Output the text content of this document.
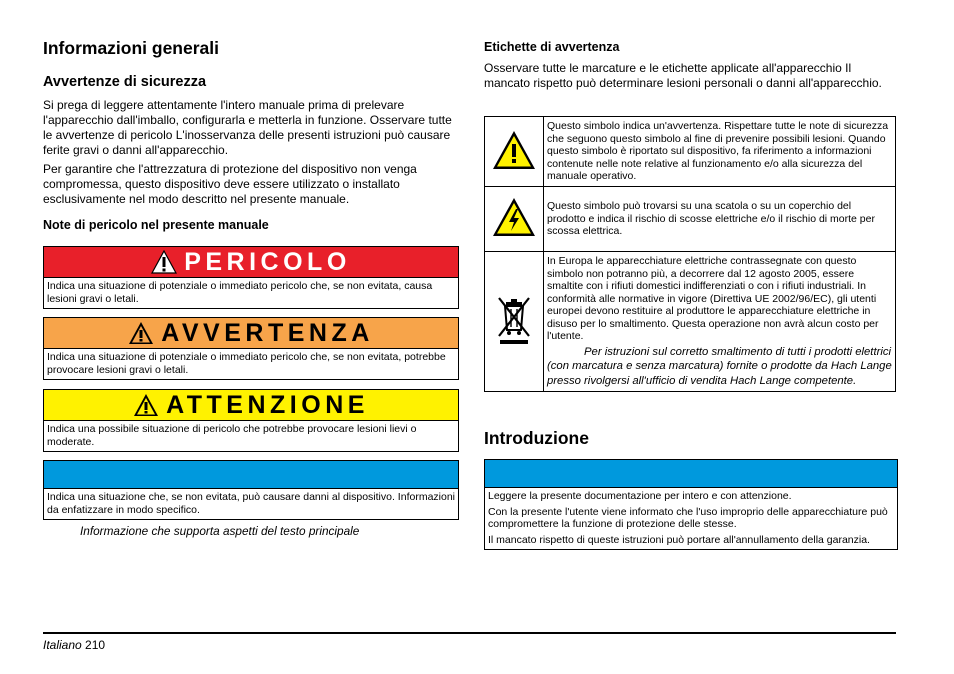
Informazioni generali
Avvertenze di sicurezza

Si prega di leggere attentamente l'intero manuale prima di prelevare l'apparecchio dall'imballo, configurarla e metterla in funzione. Osservare tutte le avvertenze di pericolo L'inosservanza delle presenti istruzioni può causare ferite gravi o danni all'apparecchio.

Per garantire che l'attrezzatura di protezione del dispositivo non venga compromessa, questo dispositivo deve essere utilizzato o installato esclusivamente nel modo descritto nel presente manuale.

Note di pericolo nel presente manuale
PERICOLO
Indica una situazione di potenziale o immediato pericolo che, se non evitata, causa lesioni gravi o letali.
AVVERTENZA
Indica una situazione di potenziale o immediato pericolo che, se non evitata, potrebbe provocare lesioni gravi o letali.
ATTENZIONE
Indica una possibile situazione di pericolo che potrebbe provocare lesioni lievi o moderate.
Indica una situazione che, se non evitata, può causare danni al dispositivo. Informazioni da enfatizzare in modo specifico.

Informazione che supporta aspetti del testo principale

Etichette di avvertenza

Osservare tutte le marcature e le etichette applicate all'apparecchio Il mancato rispetto può determinare lesioni personali o danni all'apparecchio.

	Questo simbolo indica un'avvertenza. Rispettare tutte le note di sicurezza che seguono questo simbolo al fine di prevenire possibili lesioni. Quando questo simbolo è riportato sul dispositivo, fa riferimento a informazioni contenute nelle note relative al funzionamento e/o alla sicurezza del manuale operativo.
	Questo simbolo può trovarsi su una scatola o su un coperchio del prodotto e indica il rischio di scosse elettriche e/o il rischio di morte per scossa elettrica.

In Europa le apparecchiature elettriche contrassegnate con questo simbolo non potranno più, a decorrere dal 12 agosto 2005, essere smaltite con i rifiuti domestici indifferenziati o con i rifiuti industriali. In conformità alle normative in vigore (Direttiva UE 2002/96/EC), gli utenti europei devono restituire al produttore le apparecchiature elettriche in disuso per lo smaltimento. Questa operazione non avrà alcun costo per l'utente.
Per istruzioni sul corretto smaltimento di tutti i prodotti elettrici (con marcatura e senza marcatura) fornite o prodotte da Hach Lange presso rivolgersi all'ufficio di vendita Hach Lange competente.
Introduzione
Leggere la presente documentazione per intero e con attenzione.
Con la presente l'utente viene informato che l'uso improprio delle apparecchiature può compromettere la funzione di protezione delle stesse.
Il mancato rispetto di queste istruzioni può portare all'annullamento della garanzia.
Italiano 210
